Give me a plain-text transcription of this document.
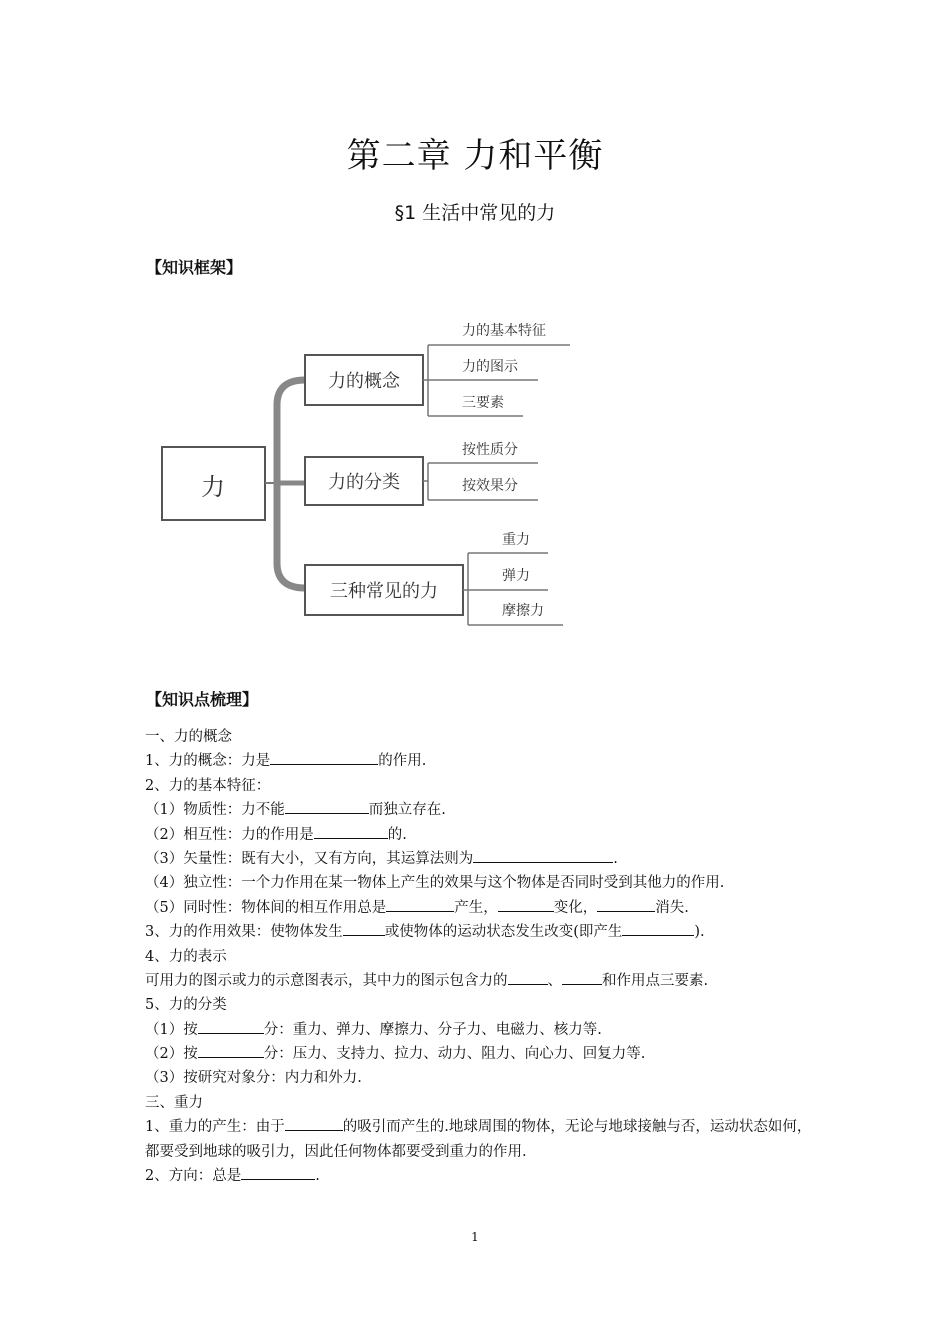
第二章 力和平衡
§1 生活中常见的力
【知识框架】
力
力的概念
力的基本特征
力的图示
三要素
力的分类
按性质分
按效果分
三种常见的力
重力
弹力
摩擦力
【知识点梳理】
一、力的概念
1、力的概念：力是	的作用.
2、力的基本特征：
（1）物质性：力不能	而独立存在.
（2）相互性：力的作用是	的.
（3）矢量性：既有大小，又有方向，其运算法则为	.
（4）独立性：一个力作用在某一物体上产生的效果与这个物体是否同时受到其他力的作用.
（5）同时性：物体间的相互作用总是	产生，	变化，	消失.
3、力的作用效果：使物体发生	或使物体的运动状态发生改变(即产生	).
4、力的表示
可用力的图示或力的示意图表示，其中力的图示包含力的	、	和作用点三要素.
5、力的分类
（1）按	分：重力、弹力、摩擦力、分子力、电磁力、核力等.
（2）按	分：压力、支持力、拉力、动力、阻力、向心力、回复力等.
（3）按研究对象分：内力和外力.
三、重力
1、重力的产生：由于	的吸引而产生的.地球周围的物体，无论与地球接触与否，运动状态如何，都要受到地球的吸引力，因此任何物体都要受到重力的作用.
2、方向：总是	.
1
